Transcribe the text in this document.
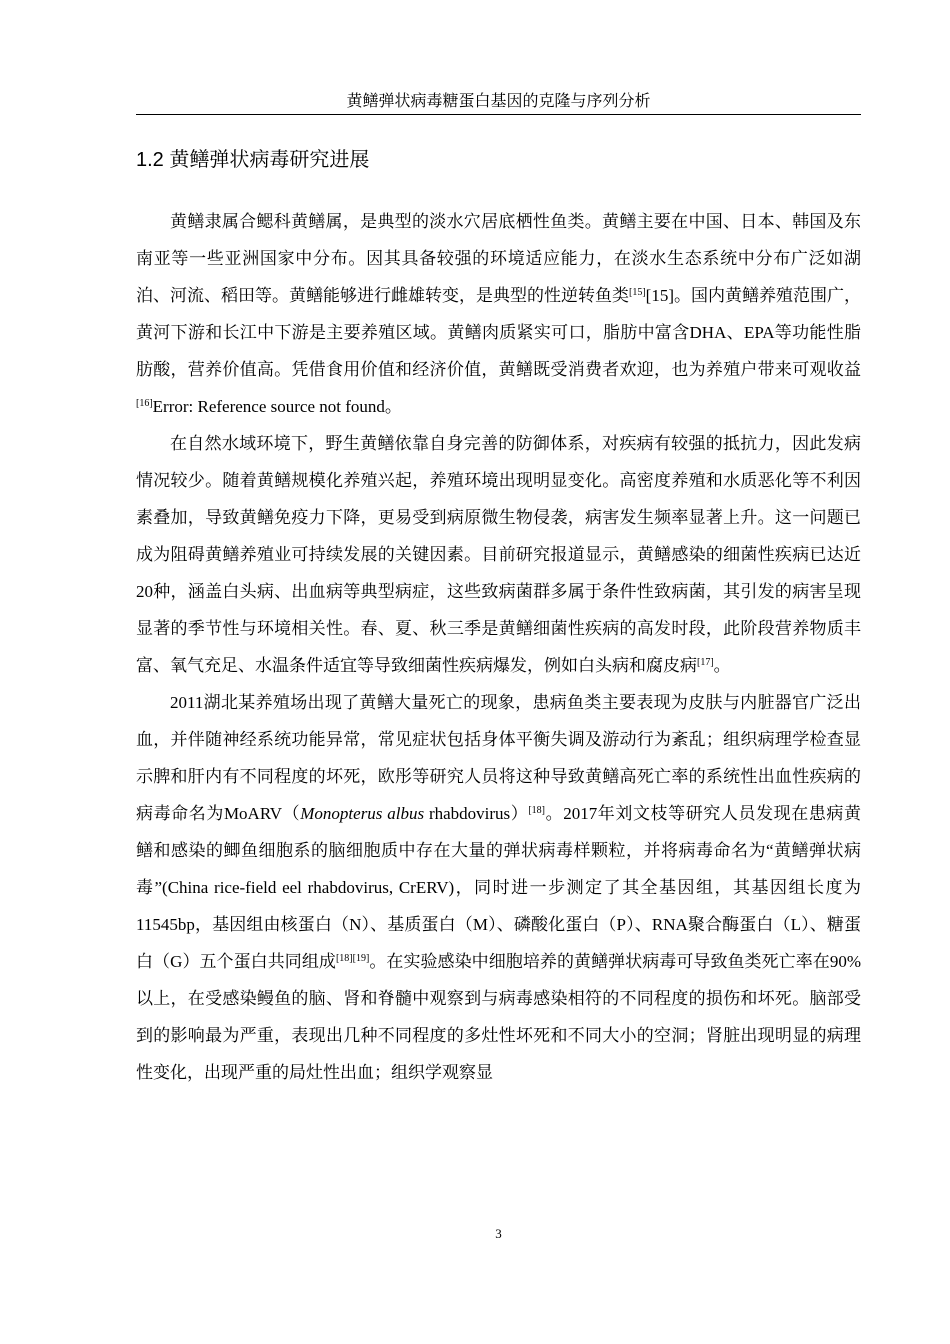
黄鳝弹状病毒糖蛋白基因的克隆与序列分析
1.2 黄鳝弹状病毒研究进展

黄鳝隶属合鳃科黄鳝属，是典型的淡水穴居底栖性鱼类。黄鳝主要在中国、日本、韩国及东南亚等一些亚洲国家中分布。因其具备较强的环境适应能力，在淡水生态系统中分布广泛如湖泊、河流、稻田等。黄鳝能够进行雌雄转变，是典型的性逆转鱼类[15][15]。国内黄鳝养殖范围广，黄河下游和长江中下游是主要养殖区域。黄鳝肉质紧实可口，脂肪中富含DHA、EPA等功能性脂肪酸，营养价值高。凭借食用价值和经济价值，黄鳝既受消费者欢迎，也为养殖户带来可观收益[16]Error: Reference source not found。

在自然水域环境下，野生黄鳝依靠自身完善的防御体系，对疾病有较强的抵抗力，因此发病情况较少。随着黄鳝规模化养殖兴起，养殖环境出现明显变化。高密度养殖和水质恶化等不利因素叠加，导致黄鳝免疫力下降，更易受到病原微生物侵袭，病害发生频率显著上升。这一问题已成为阻碍黄鳝养殖业可持续发展的关键因素。目前研究报道显示，黄鳝感染的细菌性疾病已达近20种，涵盖白头病、出血病等典型病症，这些致病菌群多属于条件性致病菌，其引发的病害呈现显著的季节性与环境相关性。春、夏、秋三季是黄鳝细菌性疾病的高发时段，此阶段营养物质丰富、氧气充足、水温条件适宜等导致细菌性疾病爆发，例如白头病和腐皮病[17]。

2011湖北某养殖场出现了黄鳝大量死亡的现象，患病鱼类主要表现为皮肤与内脏器官广泛出血，并伴随神经系统功能异常，常见症状包括身体平衡失调及游动行为紊乱；组织病理学检查显示脾和肝内有不同程度的坏死，欧彤等研究人员将这种导致黄鳝高死亡率的系统性出血性疾病的病毒命名为MoARV（Monopterus albus rhabdovirus）[18]。2017年刘文枝等研究人员发现在患病黄鳝和感染的鲫鱼细胞系的脑细胞质中存在大量的弹状病毒样颗粒，并将病毒命名为“黄鳝弹状病毒”(China rice-field eel rhabdovirus, CrERV)，同时进一步测定了其全基因组，其基因组长度为11545bp，基因组由核蛋白（N）、基质蛋白（M）、磷酸化蛋白（P）、RNA聚合酶蛋白（L）、糖蛋白（G）五个蛋白共同组成[18][19]。在实验感染中细胞培养的黄鳝弹状病毒可导致鱼类死亡率在90%以上，在受感染鳗鱼的脑、肾和脊髓中观察到与病毒感染相符的不同程度的损伤和坏死。脑部受到的影响最为严重，表现出几种不同程度的多灶性坏死和不同大小的空洞；肾脏出现明显的病理性变化，出现严重的局灶性出血；组织学观察显

3
